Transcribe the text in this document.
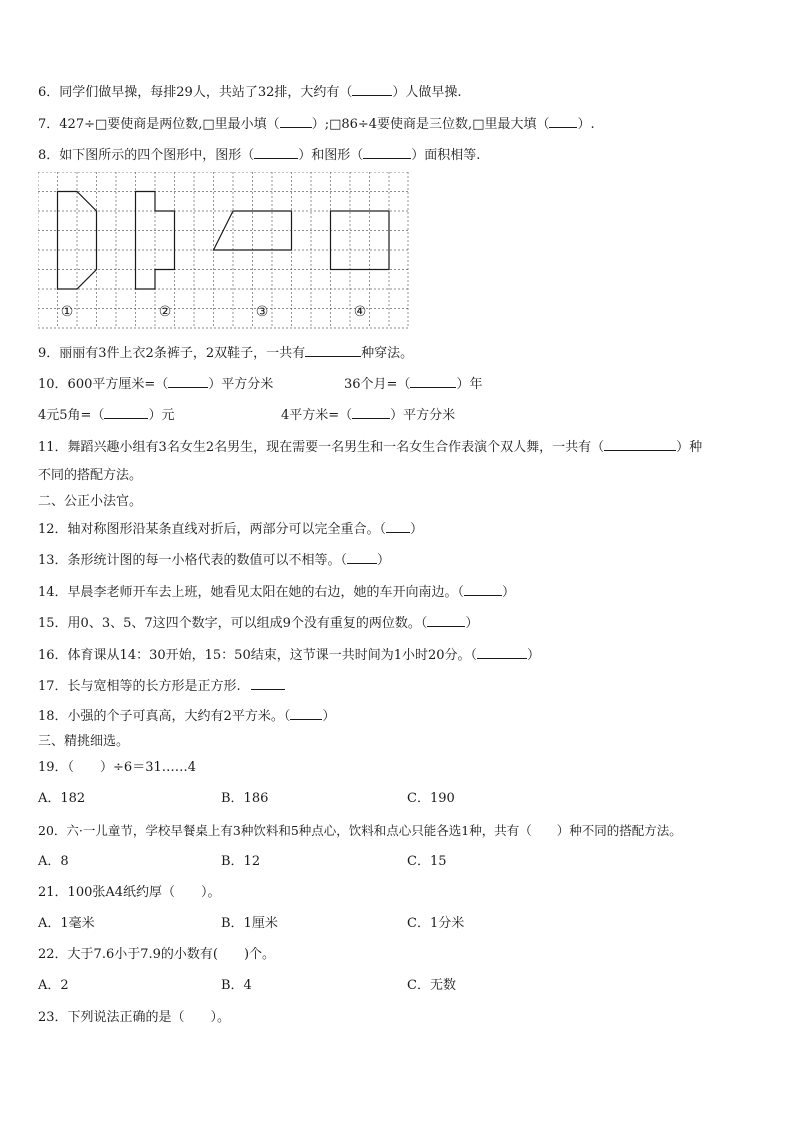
6．同学们做早操，每排29人，共站了32排，大约有（	）人做早操.
7．427÷□要使商是两位数,□里最小填（ ）;□86÷4要使商是三位数,□里最大填（ ）.
8．如下图所示的四个图形中，图形（	）和图形（	）面积相等.
①	②	③	④
9．丽丽有3件上衣2条裤子，2双鞋子，一共有	种穿法。
10．600平方厘米=（	）平方分米	36个月=（	）年
4元5角=（	）元	4平方米=（	）平方分米
11．舞蹈兴趣小组有3名女生2名男生，现在需要一名男生和一名女生合作表演个双人舞，一共有（	）种
不同的搭配方法。
二、公正小法官。
12．轴对称图形沿某条直线对折后，两部分可以完全重合。（ ）
13．条形统计图的每一小格代表的数值可以不相等。（ ）
14．早晨李老师开车去上班，她看见太阳在她的右边，她的车开向南边。（	）
15．用0、3、5、7这四个数字，可以组成9个没有重复的两位数。（	）
16．体育课从14：30开始，15：50结束，这节课一共时间为1小时20分。（	）
17．长与宽相等的长方形是正方形.
18．小强的个子可真高，大约有2平方米。（ ）
三、精挑细选。
19．（　　）÷6＝31……4
A．182	B．186	C．190
20．六·一儿童节，学校早餐桌上有3种饮料和5种点心，饮料和点心只能各选1种，共有（　　）种不同的搭配方法。
A．8	B．12	C．15
21．100张A4纸约厚（　　）。
A．1毫米	B．1厘米	C．1分米
22．大于7.6小于7.9的小数有(　　)个。
A．2	B．4	C．无数
23．下列说法正确的是（　　）。
